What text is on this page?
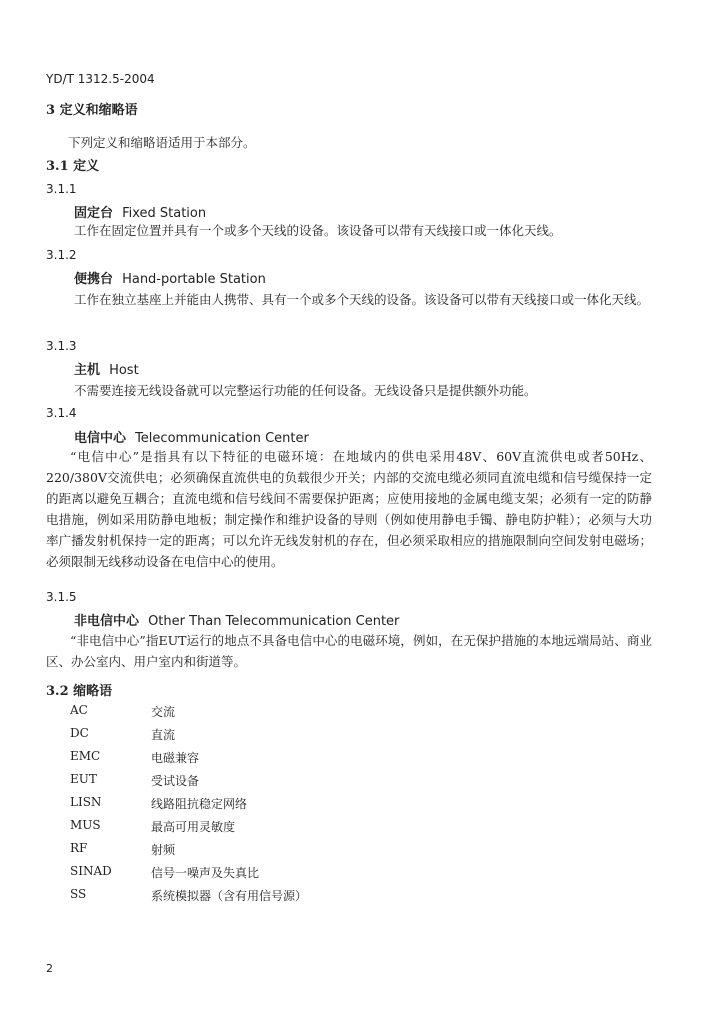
YD/T 1312.5-2004
3 定义和缩略语
下列定义和缩略语适用于本部分。
3.1 定义
3.1.1
固定台 Fixed Station
工作在固定位置并具有一个或多个天线的设备。该设备可以带有天线接口或一体化天线。
3.1.2
便携台 Hand-portable Station
工作在独立基座上并能由人携带、具有一个或多个天线的设备。该设备可以带有天线接口或一体化天线。
3.1.3
主机 Host
不需要连接无线设备就可以完整运行功能的任何设备。无线设备只是提供额外功能。
3.1.4
电信中心 Telecommunication Center
“电信中心”是指具有以下特征的电磁环境：在地域内的供电采用48V、60V直流供电或者50Hz、220/380V交流供电；必须确保直流供电的负载很少开关；内部的交流电缆必须同直流电缆和信号缆保持一定的距离以避免互耦合；直流电缆和信号线间不需要保护距离；应使用接地的金属电缆支架；必须有一定的防静电措施，例如采用防静电地板；制定操作和维护设备的导则（例如使用静电手镯、静电防护鞋）；必须与大功率广播发射机保持一定的距离；可以允许无线发射机的存在，但必须采取相应的措施限制向空间发射电磁场；必须限制无线移动设备在电信中心的使用。
3.1.5
非电信中心 Other Than Telecommunication Center
“非电信中心”指EUT运行的地点不具备电信中心的电磁环境，例如，在无保护措施的本地远端局站、商业区、办公室内、用户室内和街道等。
3.2 缩略语
AC	交流
DC	直流
EMC	电磁兼容
EUT	受试设备
LISN	线路阻抗稳定网络
MUS	最高可用灵敏度
RF	射频
SINAD	信号一噪声及失真比
SS	系统模拟器（含有用信号源）
2
